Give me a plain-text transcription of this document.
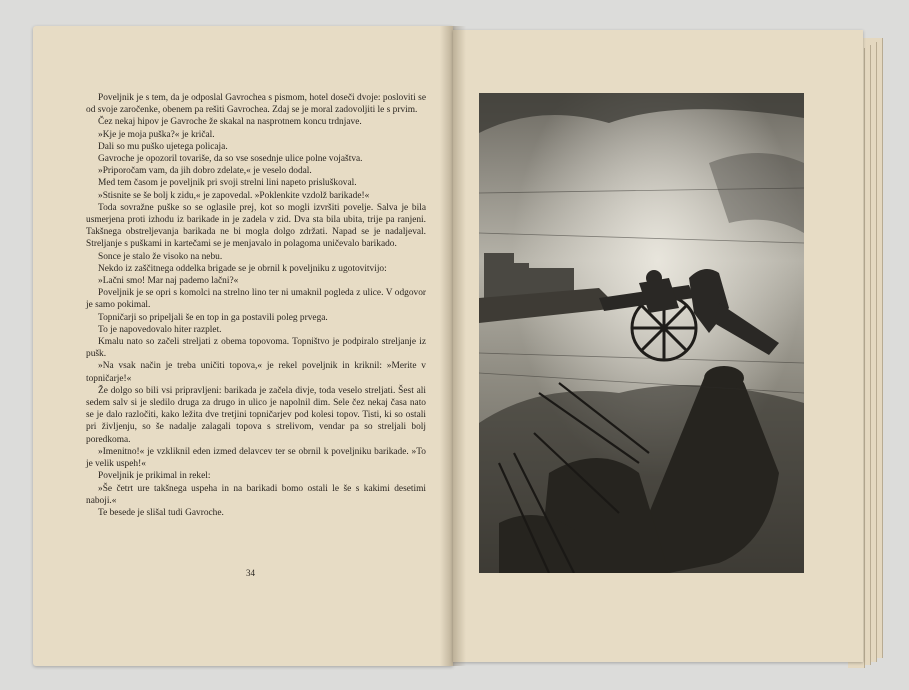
Poveljnik je s tem, da je odposlal Gavrochea s pismom, hotel doseči dvoje: posloviti se od svoje zaročenke, obenem pa rešiti Gavrochea. Zdaj se je moral zadovoljiti le s prvim.

Čez nekaj hipov je Gavroche že skakal na nasprotnem koncu trdnjave.

»Kje je moja puška?« je kričal.

Dali so mu puško ujetega policaja.

Gavroche je opozoril tovariše, da so vse sosednje ulice polne vojaštva.

»Priporočam vam, da jih dobro zdelate,« je veselo dodal.

Med tem časom je poveljnik pri svoji strelni lini napeto prisluškoval.

»Stisnite se še bolj k zidu,« je zapovedal. »Poklenkite vzdolž barikade!«

Toda sovražne puške so se oglasile prej, kot so mogli izvršiti povelje. Salva je bila usmerjena proti izhodu iz barikade in je zadela v zid. Dva sta bila ubita, trije pa ranjeni. Takšnega obstreljevanja barikada ne bi mogla dolgo zdržati. Napad se je nadaljeval. Streljanje s puškami in kartečami se je menjavalo in polagoma uničevalo barikado.

Sonce je stalo že visoko na nebu.

Nekdo iz zaščitnega oddelka brigade se je obrnil k poveljniku z ugotovitvijo:

»Lačni smo! Mar naj pademo lačni?«

Poveljnik je se opri s komolci na strelno lino ter ni umaknil pogleda z ulice. V odgovor je samo pokimal.

Topničarji so pripeljali še en top in ga postavili poleg prvega.

To je napovedovalo hiter razplet.

Kmalu nato so začeli streljati z obema topovoma. Topništvo je podpiralo streljanje iz pušk.

»Na vsak način je treba uničiti topova,« je rekel poveljnik in kriknil: »Merite v topničarje!«

Že dolgo so bili vsi pripravljeni: barikada je začela divje, toda veselo streljati. Šest ali sedem salv si je sledilo druga za drugo in ulico je napolnil dim. Sele čez nekaj časa nato se je dalo razločiti, kako ležita dve tretjini topničarjev pod kolesi topov. Tisti, ki so ostali pri življenju, so še nadalje zalagali topova s strelivom, vendar pa so streljali bolj poredkoma.

»Imenitno!« je vzkliknil eden izmed delavcev ter se obrnil k poveljniku barikade. »To je velik uspeh!«

Poveljnik je prikimal in rekel:

»Še četrt ure takšnega uspeha in na barikadi bomo ostali le še s kakimi desetimi naboji.«

Te besede je slišal tudi Gavroche.

34
